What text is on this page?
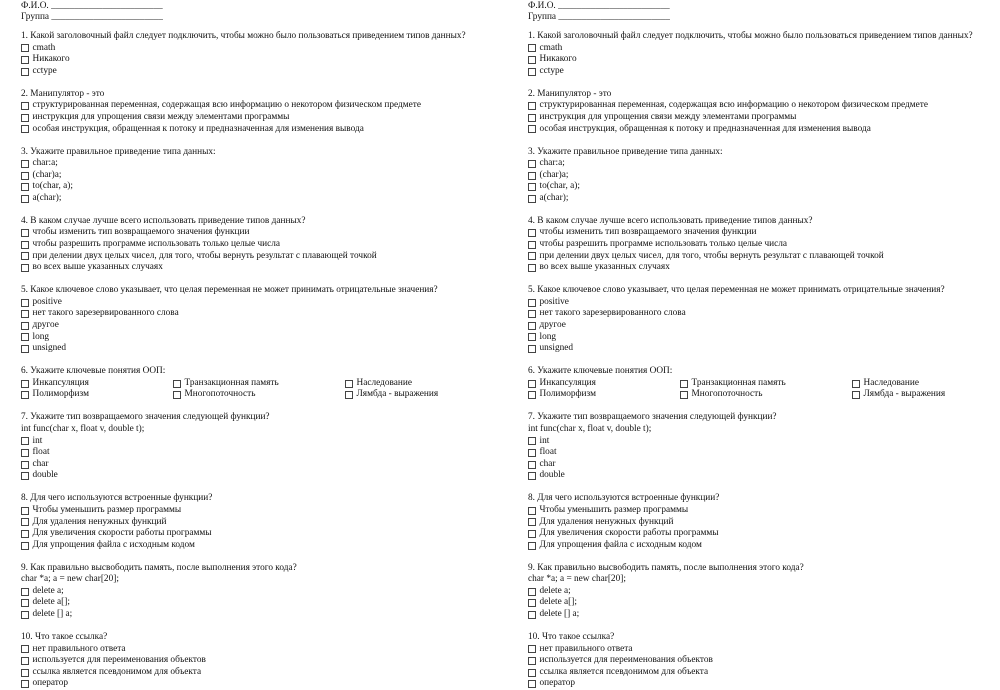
Ф.И.О. ________________________
Группа ________________________
1. Какой заголовочный файл следует подключить, чтобы можно было пользоваться приведением типов данных?
cmath
Никакого
cctype
2. Манипулятор - это
структурированная переменная, содержащая всю информацию о некотором физическом предмете
инструкция для упрощения связи между элементами программы
особая инструкция, обращенная к потоку и предназначенная для изменения вывода
3. Укажите правильное приведение типа данных:
char:a;
(char)a;
to(char, a);
a(char);
4. В каком случае лучше всего использовать приведение типов данных?
чтобы изменить тип возвращаемого значения функции
чтобы разрешить программе использовать только целые числа
при делении двух целых чисел, для того, чтобы вернуть результат с плавающей точкой
во всех выше указанных случаях
5. Какое ключевое слово указывает, что целая переменная не может принимать отрицательные значения?
positive
нет такого зарезервированного слова
другое
long
unsigned
6. Укажите ключевые понятия ООП:
Инкапсуляция	Транзакционная память	Наследование
Полиморфизм	Многопоточность	Лямбда - выражения
7. Укажите тип возвращаемого значения следующей функции?
int func(char x, float v, double t);
int
float
char
double
8. Для чего используются встроенные функции?
Чтобы уменьшить размер программы
Для удаления ненужных функций
Для увеличения скорости работы программы
Для упрощения файла с исходным кодом
9. Как правильно высвободить память, после выполнения этого кода?
char *a; a = new char[20];
delete a;
delete a[];
delete [] a;
10. Что такое ссылка?
нет правильного ответа
используется для переименования объектов
ссылка является псевдонимом для объекта
оператор
Ф.И.О. ________________________
Группа ________________________
1. Какой заголовочный файл следует подключить, чтобы можно было пользоваться приведением типов данных?
cmath
Никакого
cctype
2. Манипулятор - это
структурированная переменная, содержащая всю информацию о некотором физическом предмете
инструкция для упрощения связи между элементами программы
особая инструкция, обращенная к потоку и предназначенная для изменения вывода
3. Укажите правильное приведение типа данных:
char:a;
(char)a;
to(char, a);
a(char);
4. В каком случае лучше всего использовать приведение типов данных?
чтобы изменить тип возвращаемого значения функции
чтобы разрешить программе использовать только целые числа
при делении двух целых чисел, для того, чтобы вернуть результат с плавающей точкой
во всех выше указанных случаях
5. Какое ключевое слово указывает, что целая переменная не может принимать отрицательные значения?
positive
нет такого зарезервированного слова
другое
long
unsigned
6. Укажите ключевые понятия ООП:
Инкапсуляция	Транзакционная память	Наследование
Полиморфизм	Многопоточность	Лямбда - выражения
7. Укажите тип возвращаемого значения следующей функции?
int func(char x, float v, double t);
int
float
char
double
8. Для чего используются встроенные функции?
Чтобы уменьшить размер программы
Для удаления ненужных функций
Для увеличения скорости работы программы
Для упрощения файла с исходным кодом
9. Как правильно высвободить память, после выполнения этого кода?
char *a; a = new char[20];
delete a;
delete a[];
delete [] a;
10. Что такое ссылка?
нет правильного ответа
используется для переименования объектов
ссылка является псевдонимом для объекта
оператор
